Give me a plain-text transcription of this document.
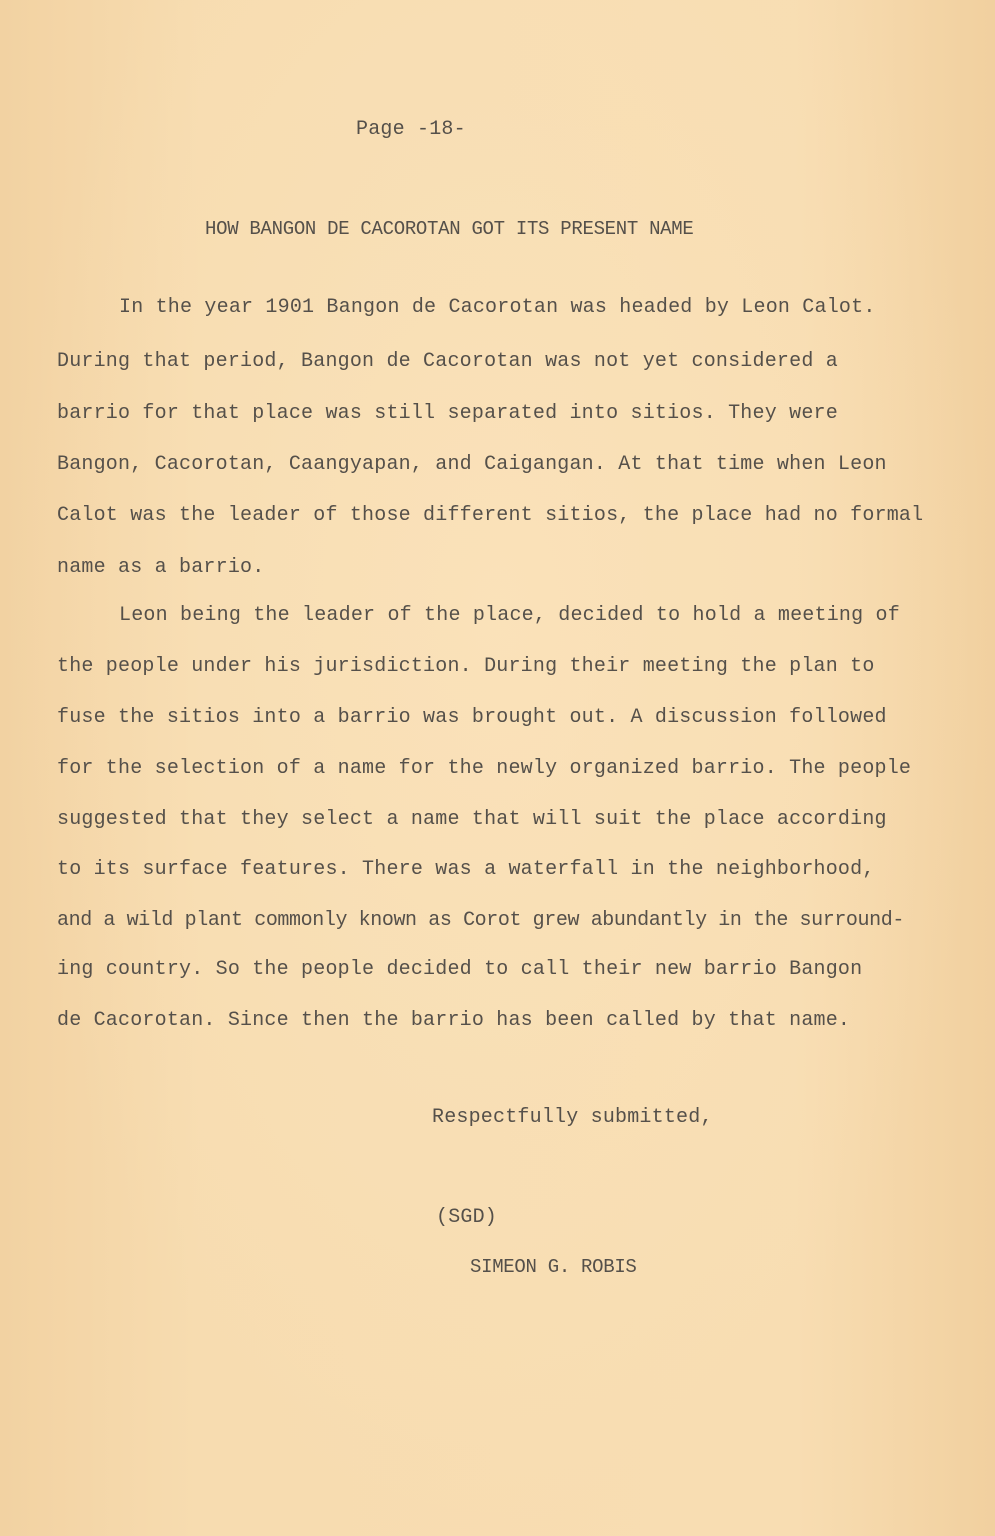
Page -18-
HOW BANGON DE CACOROTAN GOT ITS PRESENT NAME
In the year 1901 Bangon de Cacorotan was headed by Leon Calot.
During that period, Bangon de Cacorotan was not yet considered a
barrio for that place was still separated into sitios. They were
Bangon, Cacorotan, Caangyapan, and Caigangan. At that time when Leon
Calot was the leader of those different sitios, the place had no formal
name as a barrio.
Leon being the leader of the place, decided to hold a meeting of
the people under his jurisdiction. During their meeting the plan to
fuse the sitios into a barrio was brought out. A discussion followed
for the selection of a name for the newly organized barrio. The people
suggested that they select a name that will suit the place according
to its surface features. There was a waterfall in the neighborhood,
and a wild plant commonly known as Corot grew abundantly in the surround-
ing country. So the people decided to call their new barrio Bangon
de Cacorotan. Since then the barrio has been called by that name.
Respectfully submitted,
(SGD)
SIMEON G. ROBIS
